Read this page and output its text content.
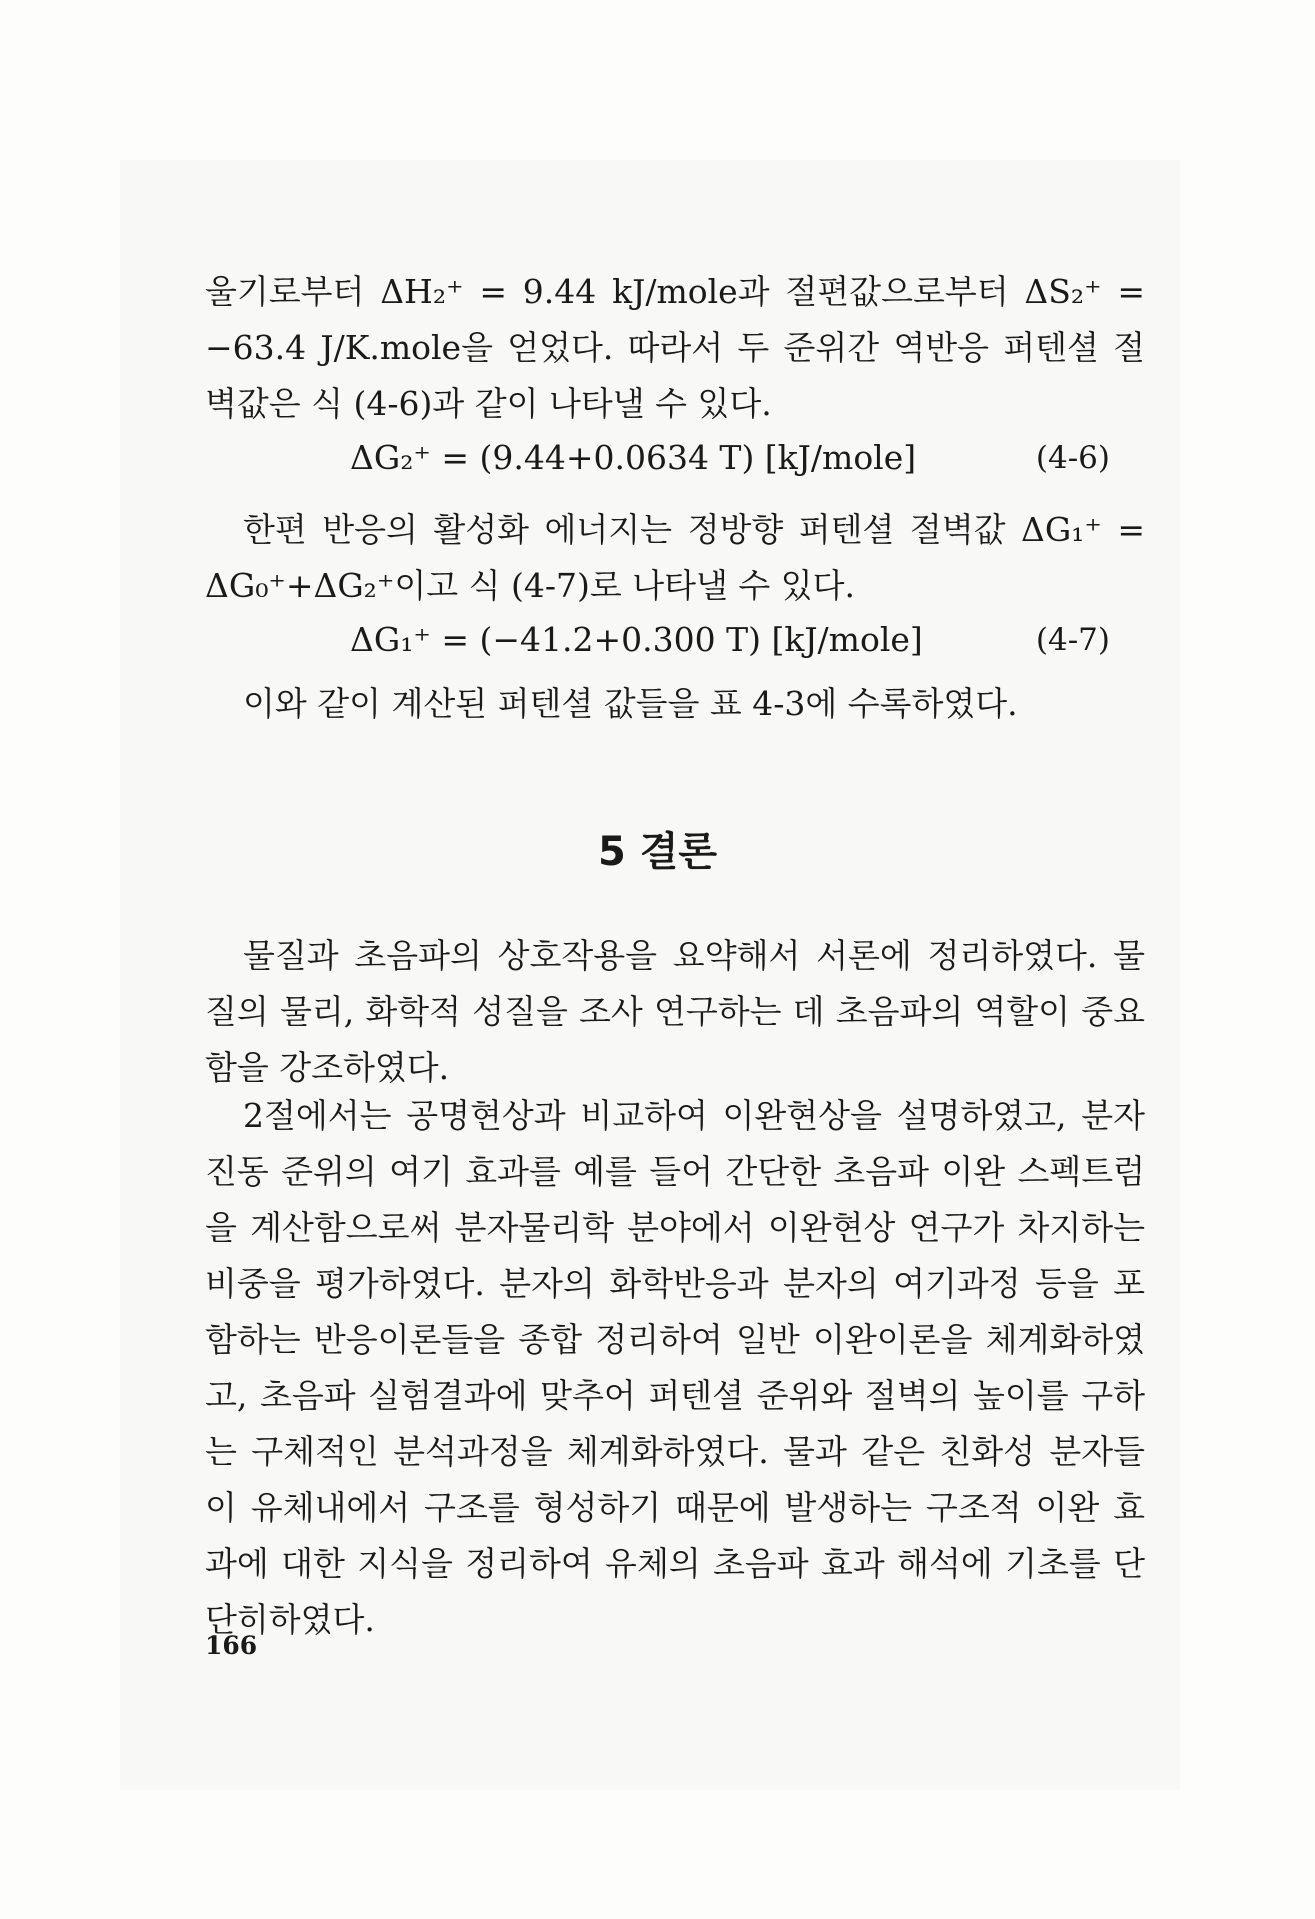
울기로부터 ΔH₂⁺ = 9.44 kJ/mole과 절편값으로부터 ΔS₂⁺ = −63.4 J/K.mole을 얻었다. 따라서 두 준위간 역반응 퍼텐셜 절벽값은 식 (4-6)과 같이 나타낼 수 있다.

ΔG₂⁺ = (9.44+0.0634 T) [kJ/mole]	(4-6)

한편 반응의 활성화 에너지는 정방향 퍼텐셜 절벽값 ΔG₁⁺ = ΔG₀⁺+ΔG₂⁺이고 식 (4-7)로 나타낼 수 있다.

ΔG₁⁺ = (−41.2+0.300 T) [kJ/mole]	(4-7)

이와 같이 계산된 퍼텐셜 값들을 표 4-3에 수록하였다.

5 결론

물질과 초음파의 상호작용을 요약해서 서론에 정리하였다. 물질의 물리, 화학적 성질을 조사 연구하는 데 초음파의 역할이 중요함을 강조하였다.

2절에서는 공명현상과 비교하여 이완현상을 설명하였고, 분자 진동 준위의 여기 효과를 예를 들어 간단한 초음파 이완 스펙트럼을 계산함으로써 분자물리학 분야에서 이완현상 연구가 차지하는 비중을 평가하였다. 분자의 화학반응과 분자의 여기과정 등을 포함하는 반응이론들을 종합 정리하여 일반 이완이론을 체계화하였고, 초음파 실험결과에 맞추어 퍼텐셜 준위와 절벽의 높이를 구하는 구체적인 분석과정을 체계화하였다. 물과 같은 친화성 분자들이 유체내에서 구조를 형성하기 때문에 발생하는 구조적 이완 효과에 대한 지식을 정리하여 유체의 초음파 효과 해석에 기초를 단단히하였다.

166
